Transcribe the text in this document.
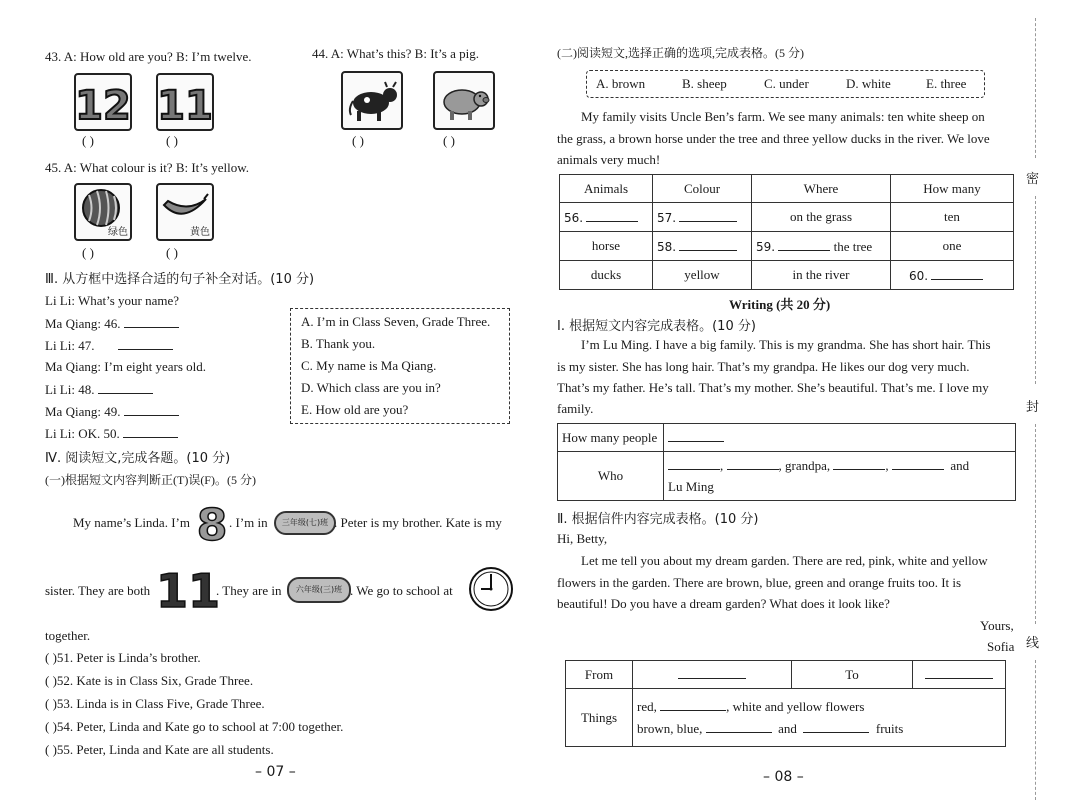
43. A: How old are you? B: I’m twelve.	44. A: What’s this? B: It’s a pig.
12 11
( )	( )	( )	( )
45. A: What colour is it? B: It’s yellow.
绿色	黄色
( )	( )
Ⅲ. 从方框中选择合适的句子补全对话。(10 分)
Li Li: What’s your name?
Ma Qiang: 46.
Li Li: 47.
Ma Qiang: I’m eight years old.
Li Li: 48.
Ma Qiang: 49.
Li Li: OK. 50.
A. I’m in Class Seven, Grade Three.
B. Thank you.
C. My name is Ma Qiang.
D. Which class are you in?
E. How old are you?
Ⅳ. 阅读短文,完成各题。(10 分)
(一)根据短文内容判断正(T)误(F)。(5 分)
My name’s Linda. I’m 8 . I’m in	三年级(七)班 . Peter is my brother. Kate is my
sister. They are both 11
. They are in	六年级(三)班 . We go to school at
together.
( )51. Peter is Linda’s brother.
( )52. Kate is in Class Six, Grade Three.
( )53. Linda is in Class Five, Grade Three.
( )54. Peter, Linda and Kate go to school at 7:00 together.
( )55. Peter, Linda and Kate are all students.
– 07 –
(二)阅读短文,选择正确的选项,完成表格。(5 分)
A. brown	B. sheep	C. under	D. white	E. three
My family visits Uncle Ben’s farm. We see many animals: ten white sheep on
the grass, a brown horse under the tree and three yellow ducks in the river. We love
animals very much!
Animals	Colour	Where	How many
56.	57.	on the grass	ten
horse	58.	59. the tree	one
ducks	yellow	in the river	60.
Writing (共 20 分)
Ⅰ. 根据短文内容完成表格。(10 分)
I’m Lu Ming. I have a big family. This is my grandma. She has short hair. This
is my sister. She has long hair. That’s my grandpa. He likes our dog very much.
That’s my father. He’s tall. That’s my mother. She’s beautiful. That’s me. I love my
family.
How many people	
Who	, , grandpa, , and
Lu Ming
Ⅱ. 根据信件内容完成表格。(10 分)
Hi, Betty,
Let me tell you about my dream garden. There are red, pink, white and yellow
flowers in the garden. There are brown, blue, green and orange fruits too. It is
beautiful! Do you have a dream garden? What does it look like?
Yours,
Sofia
From		To	
Things	red, , white and yellow flowers
brown, blue, and fruits		
– 08 –
密
封
线
